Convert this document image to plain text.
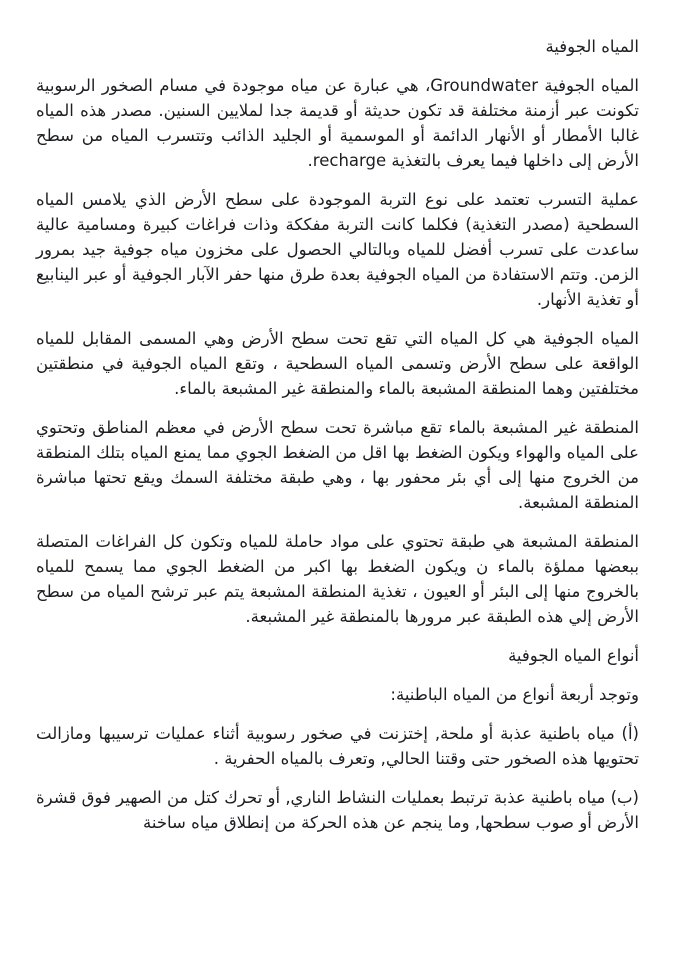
المياه الجوفية

المياه الجوفية Groundwater، هي عبارة عن مياه موجودة في مسام الصخور الرسوبية تكونت عبر أزمنة مختلفة قد تكون حديثة أو قديمة جدا لملايين السنين. مصدر هذه المياه غالبا الأمطار أو الأنهار الدائمة أو الموسمية أو الجليد الذائب وتتسرب المياه من سطح الأرض إلى داخلها فيما يعرف بالتغذية recharge.

عملية التسرب تعتمد على نوع التربة الموجودة على سطح الأرض الذي يلامس المياه السطحية (مصدر التغذية) فكلما كانت التربة مفككة وذات فراغات كبيرة ومسامية عالية ساعدت على تسرب أفضل للمياه وبالتالي الحصول على مخزون مياه جوفية جيد بمرور الزمن. وتتم الاستفادة من المياه الجوفية بعدة طرق منها حفر الآبار الجوفية أو عبر الينابيع أو تغذية الأنهار.

المياه الجوفية هي كل المياه التي تقع تحت سطح الأرض وهي المسمى المقابل للمياه الواقعة على سطح الأرض وتسمى المياه السطحية ، وتقع المياه الجوفية في منطقتين مختلفتين وهما المنطقة المشبعة بالماء والمنطقة غير المشبعة بالماء.

المنطقة غير المشبعة بالماء تقع مباشرة تحت سطح الأرض في معظم المناطق وتحتوي على المياه والهواء ويكون الضغط بها اقل من الضغط الجوي مما يمنع المياه بتلك المنطقة من الخروج منها إلى أي بئر محفور بها ، وهي طبقة مختلفة السمك ويقع تحتها مباشرة المنطقة المشبعة.

المنطقة المشبعة هي طبقة تحتوي على مواد حاملة للمياه وتكون كل الفراغات المتصلة ببعضها مملؤة بالماء ن ويكون الضغط بها اكبر من الضغط الجوي مما يسمح للمياه بالخروج منها إلى البئر أو العيون ، تغذية المنطقة المشبعة يتم عبر ترشح المياه من سطح الأرض إلي هذه الطبقة عبر مرورها بالمنطقة غير المشبعة.

أنواع المياه الجوفية

وتوجد أربعة أنواع من المياه الباطنية:

(أ) مياه باطنية عذبة أو ملحة, إختزنت في صخور رسوبية أثناء عمليات ترسيبها ومازالت تحتويها هذه الصخور حتى وقتنا الحالي, وتعرف بالمياه الحفرية .

(ب) مياه باطنية عذبة ترتبط بعمليات النشاط الناري, أو تحرك كتل من الصهير فوق قشرة الأرض أو صوب سطحها, وما ينجم عن هذه الحركة من إنطلاق مياه ساخنة
